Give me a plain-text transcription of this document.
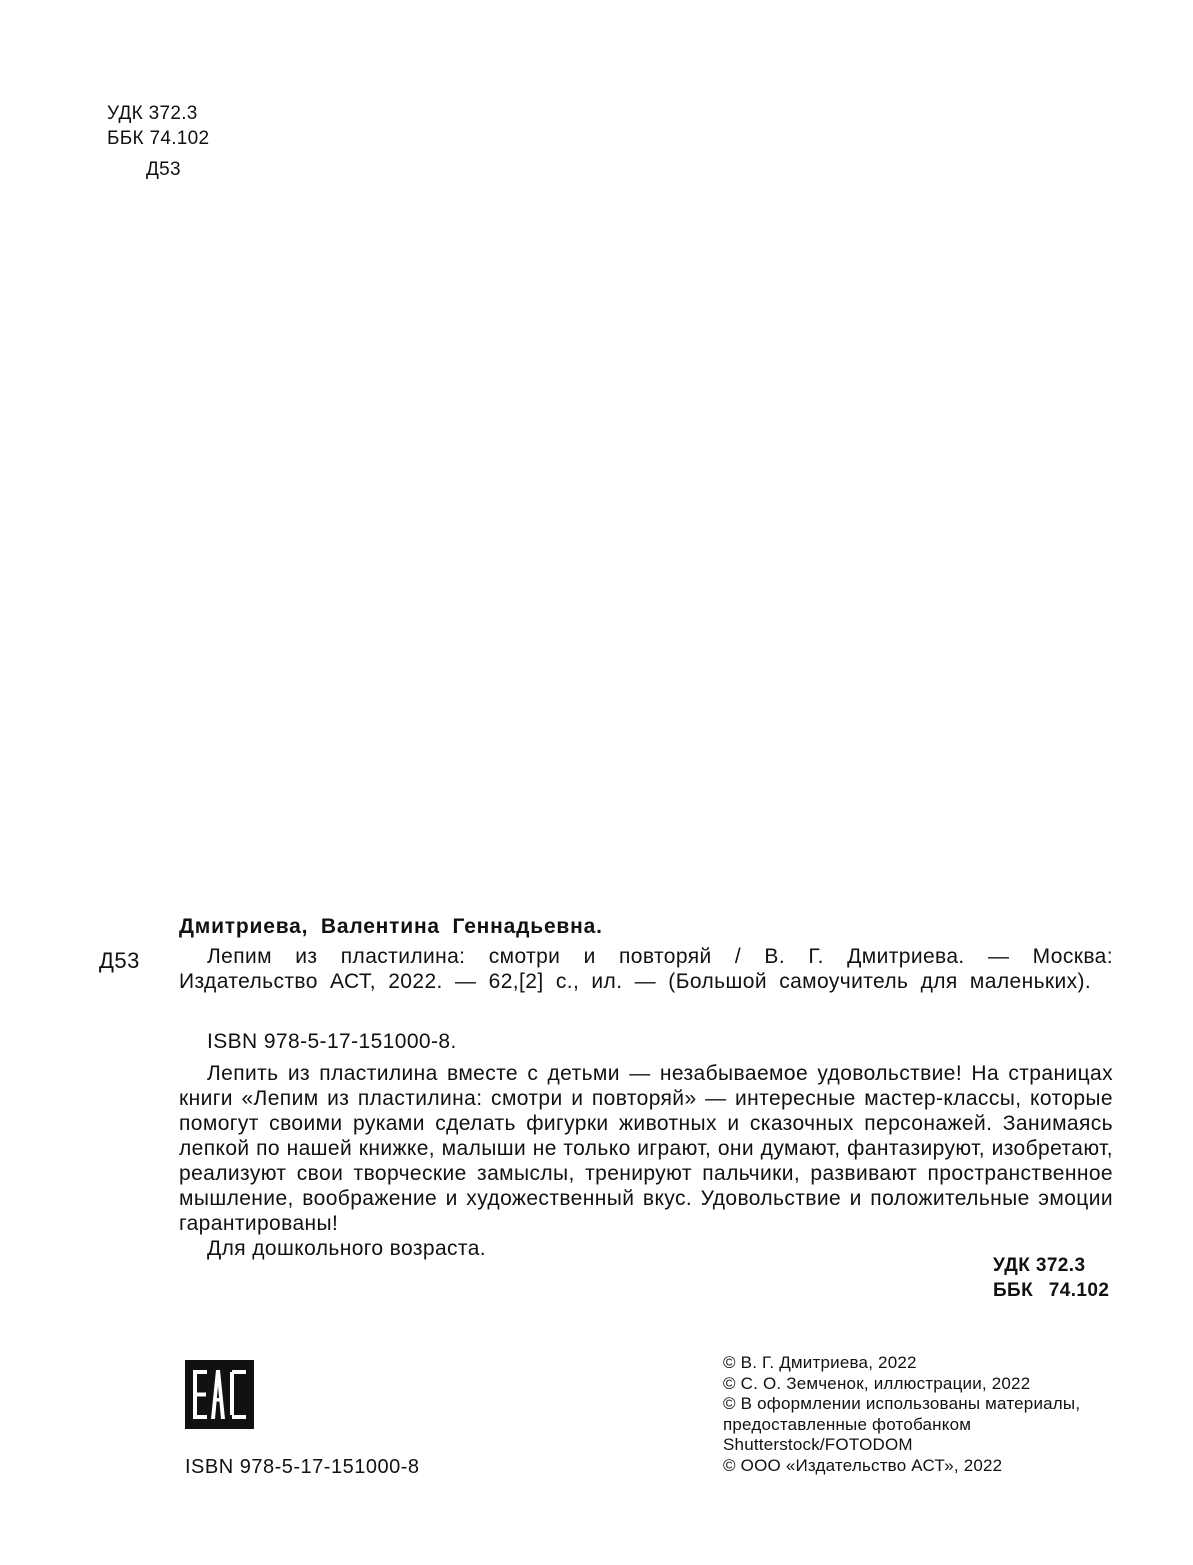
УДК 372.3
ББК 74.102
Д53
Д53
Дмитриева, Валентина Геннадьевна.

Лепим из пластилина: смотри и повторяй / В. Г. Дмитриева. — Москва: Издательство АСТ, 2022. — 62,[2] с., ил. — (Большой самоучитель для маленьких).

ISBN 978-5-17-151000-8.

Лепить из пластилина вместе с детьми — незабываемое удовольствие! На страницах книги «Лепим из пластилина: смотри и повторяй» — интересные мастер-классы, которые помогут своими руками сделать фигурки животных и сказочных персонажей. Занимаясь лепкой по нашей книжке, малыши не только играют, они думают, фантазируют, изобретают, реализуют свои творческие замыслы, тренируют пальчики, развивают пространственное мышление, воображение и художественный вкус. Удовольствие и положительные эмоции гарантированы!

Для дошкольного возраста.

УДК 372.3
ББК 74.102
ISBN 978-5-17-151000-8
© В. Г. Дмитриева, 2022
© С. О. Земченок, иллюстрации, 2022
© В оформлении использованы материалы,
предоставленные фотобанком
Shutterstock/FOTODOM
© ООО «Издательство АСТ», 2022
